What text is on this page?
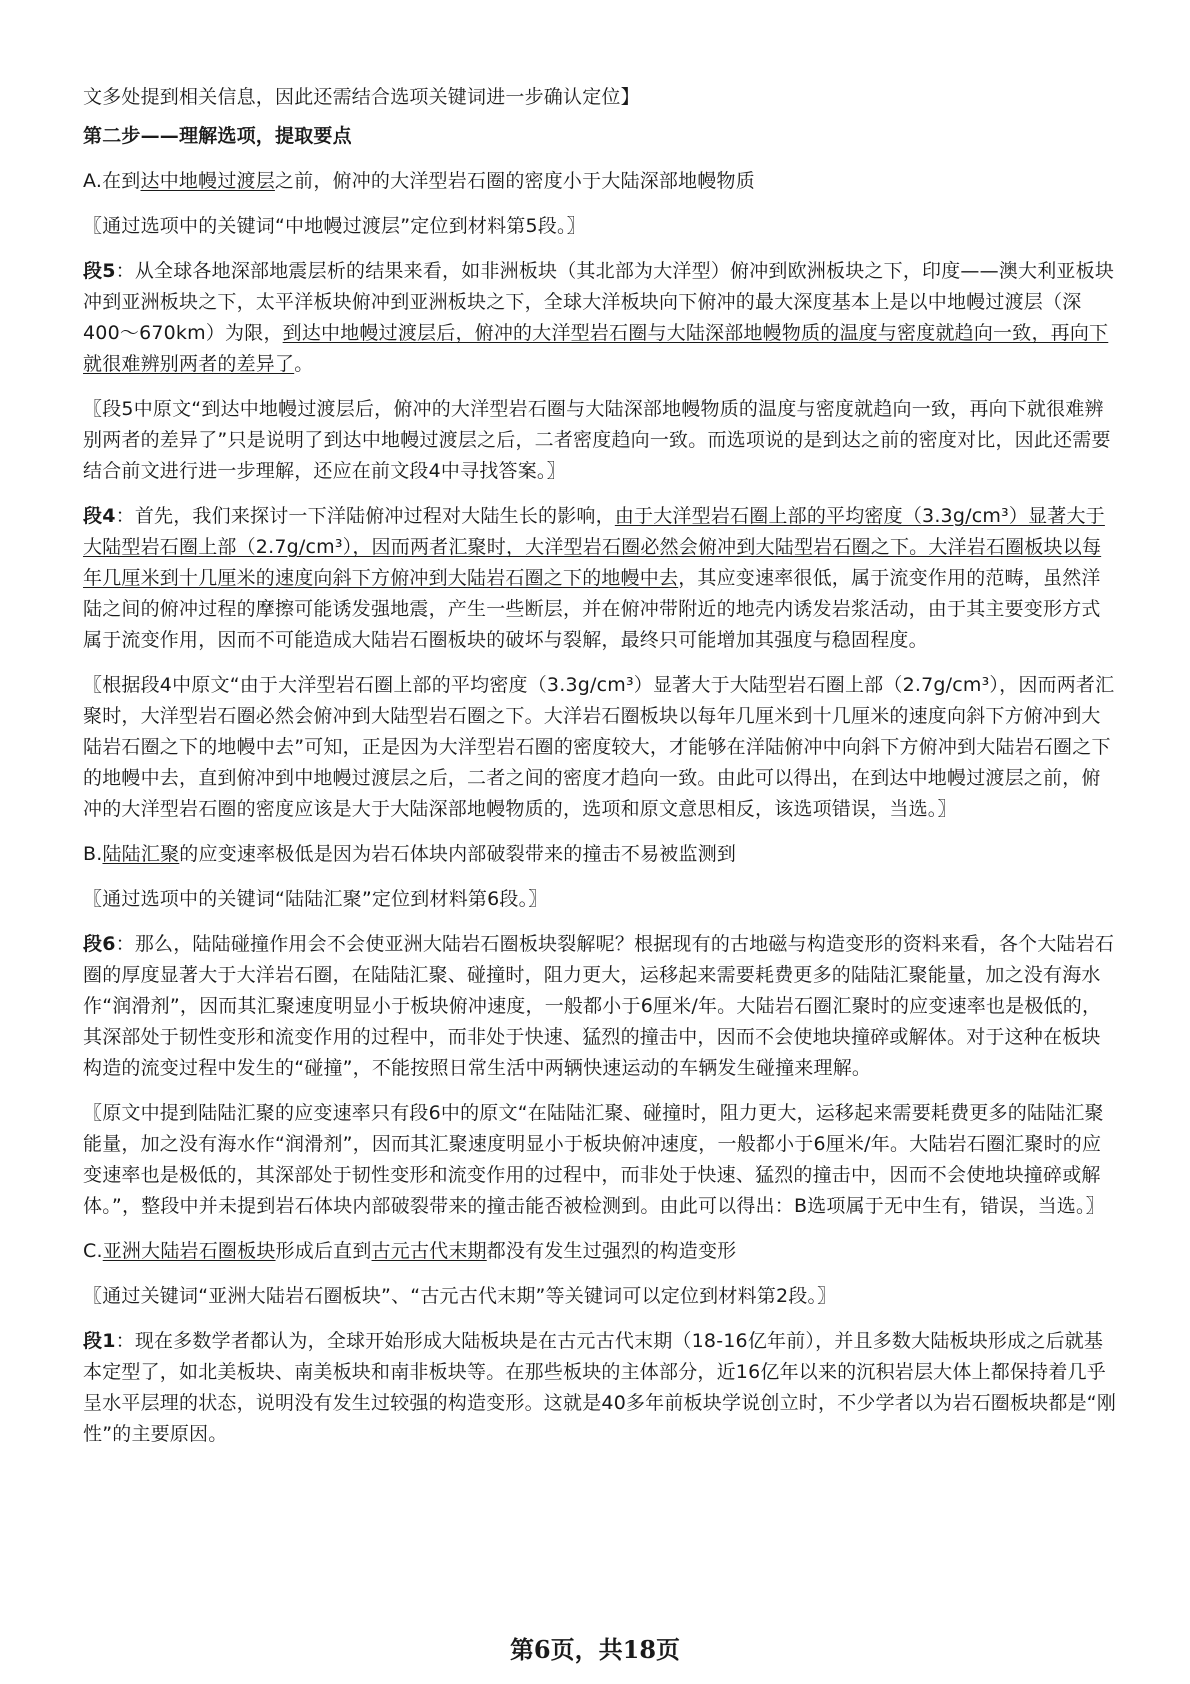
文多处提到相关信息，因此还需结合选项关键词进一步确认定位】

第二步——理解选项，提取要点

A.在到达中地幔过渡层之前，俯冲的大洋型岩石圈的密度小于大陆深部地幔物质

〖通过选项中的关键词“中地幔过渡层”定位到材料第5段。〗

段5：从全球各地深部地震层析的结果来看，如非洲板块（其北部为大洋型）俯冲到欧洲板块之下，印度——澳大利亚板块冲到亚洲板块之下，太平洋板块俯冲到亚洲板块之下，全球大洋板块向下俯冲的最大深度基本上是以中地幔过渡层（深400～670km）为限，到达中地幔过渡层后，俯冲的大洋型岩石圈与大陆深部地幔物质的温度与密度就趋向一致，再向下就很难辨别两者的差异了。

〖段5中原文“到达中地幔过渡层后，俯冲的大洋型岩石圈与大陆深部地幔物质的温度与密度就趋向一致，再向下就很难辨别两者的差异了”只是说明了到达中地幔过渡层之后，二者密度趋向一致。而选项说的是到达之前的密度对比，因此还需要结合前文进行进一步理解，还应在前文段4中寻找答案。〗

段4：首先，我们来探讨一下洋陆俯冲过程对大陆生长的影响，由于大洋型岩石圈上部的平均密度（3.3g/cm³）显著大于大陆型岩石圈上部（2.7g/cm³），因而两者汇聚时，大洋型岩石圈必然会俯冲到大陆型岩石圈之下。大洋岩石圈板块以每年几厘米到十几厘米的速度向斜下方俯冲到大陆岩石圈之下的地幔中去，其应变速率很低，属于流变作用的范畴，虽然洋陆之间的俯冲过程的摩擦可能诱发强地震，产生一些断层，并在俯冲带附近的地壳内诱发岩浆活动，由于其主要变形方式属于流变作用，因而不可能造成大陆岩石圈板块的破坏与裂解，最终只可能增加其强度与稳固程度。

〖根据段4中原文“由于大洋型岩石圈上部的平均密度（3.3g/cm³）显著大于大陆型岩石圈上部（2.7g/cm³），因而两者汇聚时，大洋型岩石圈必然会俯冲到大陆型岩石圈之下。大洋岩石圈板块以每年几厘米到十几厘米的速度向斜下方俯冲到大陆岩石圈之下的地幔中去”可知，正是因为大洋型岩石圈的密度较大，才能够在洋陆俯冲中向斜下方俯冲到大陆岩石圈之下的地幔中去，直到俯冲到中地幔过渡层之后，二者之间的密度才趋向一致。由此可以得出，在到达中地幔过渡层之前，俯冲的大洋型岩石圈的密度应该是大于大陆深部地幔物质的，选项和原文意思相反，该选项错误，当选。〗

B.陆陆汇聚的应变速率极低是因为岩石体块内部破裂带来的撞击不易被监测到

〖通过选项中的关键词“陆陆汇聚”定位到材料第6段。〗

段6：那么，陆陆碰撞作用会不会使亚洲大陆岩石圈板块裂解呢？根据现有的古地磁与构造变形的资料来看，各个大陆岩石圈的厚度显著大于大洋岩石圈，在陆陆汇聚、碰撞时，阻力更大，运移起来需要耗费更多的陆陆汇聚能量，加之没有海水作“润滑剂”，因而其汇聚速度明显小于板块俯冲速度，一般都小于6厘米/年。大陆岩石圈汇聚时的应变速率也是极低的，其深部处于韧性变形和流变作用的过程中，而非处于快速、猛烈的撞击中，因而不会使地块撞碎或解体。对于这种在板块构造的流变过程中发生的“碰撞”，不能按照日常生活中两辆快速运动的车辆发生碰撞来理解。

〖原文中提到陆陆汇聚的应变速率只有段6中的原文“在陆陆汇聚、碰撞时，阻力更大，运移起来需要耗费更多的陆陆汇聚能量，加之没有海水作“润滑剂”，因而其汇聚速度明显小于板块俯冲速度，一般都小于6厘米/年。大陆岩石圈汇聚时的应变速率也是极低的，其深部处于韧性变形和流变作用的过程中，而非处于快速、猛烈的撞击中，因而不会使地块撞碎或解体。”，整段中并未提到岩石体块内部破裂带来的撞击能否被检测到。由此可以得出：B选项属于无中生有，错误，当选。〗

C.亚洲大陆岩石圈板块形成后直到古元古代末期都没有发生过强烈的构造变形

〖通过关键词“亚洲大陆岩石圈板块”、“古元古代末期”等关键词可以定位到材料第2段。〗

段1：现在多数学者都认为，全球开始形成大陆板块是在古元古代末期（18-16亿年前），并且多数大陆板块形成之后就基本定型了，如北美板块、南美板块和南非板块等。在那些板块的主体部分，近16亿年以来的沉积岩层大体上都保持着几乎呈水平层理的状态，说明没有发生过较强的构造变形。这就是40多年前板块学说创立时，不少学者以为岩石圈板块都是“刚性”的主要原因。

第6页，共18页
